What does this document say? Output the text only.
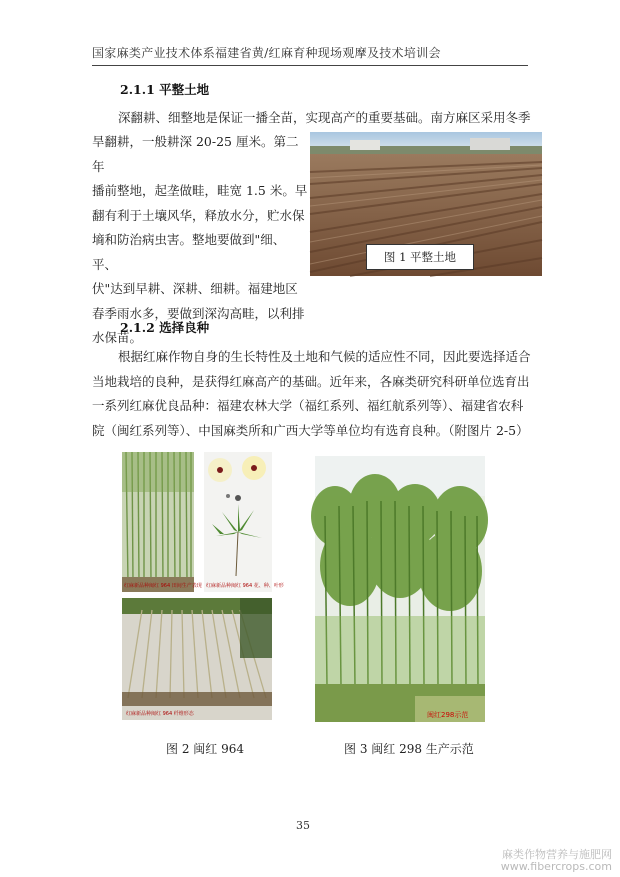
国家麻类产业技术体系福建省黄/红麻育种现场观摩及技术培训会
2.1.1 平整土地
深翻耕、细整地是保证一播全苗，实现高产的重要基础。南方麻区采用冬季
旱翻耕，一般耕深 20-25 厘米。第二年
播前整地，起垄做畦，畦宽 1.5 米。早
翻有利于土壤风华，释放水分，贮水保
墒和防治病虫害。整地要做到"细、平、
伏"达到早耕、深耕、细耕。福建地区
春季雨水多，要做到深沟高畦，以利排
水保苗。
图 1 平整土地
2.1.2 选择良种
根据红麻作物自身的生长特性及土地和气候的适应性不同，因此要选择适合
当地栽培的良种，是获得红麻高产的基础。近年来，各麻类研究科研单位选育出
一系列红麻优良品种：福建农林大学（福红系列、福红航系列等）、福建省农科
院（闽红系列等）、中国麻类所和广西大学等单位均有选育良种。（附图片 2-5）
红麻新品种闽红 964 田间生产表现 红麻新品种闽红 964 花、种、叶形
红麻新品种闽红 964 纤维形态	闽红298示范
图 2 闽红 964	图 3 闽红 298 生产示范
35
麻类作物营养与施肥网
www.fibercrops.com
